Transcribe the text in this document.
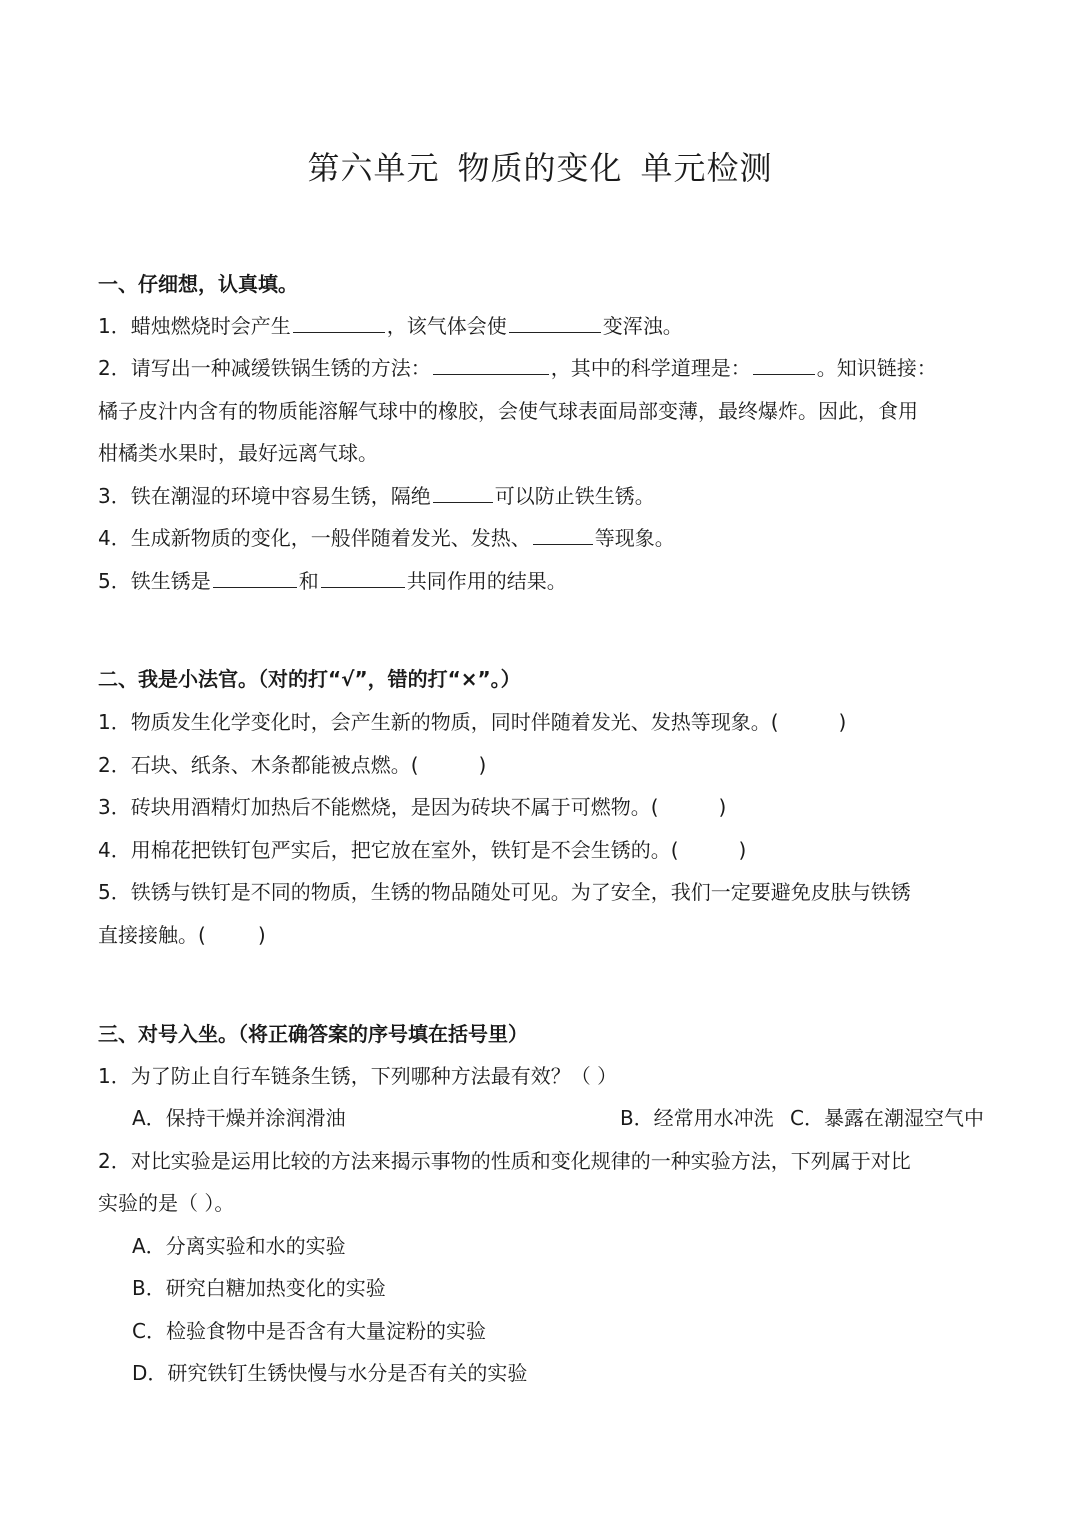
第六单元 物质的变化 单元检测
一、仔细想，认真填。
1．蜡烛燃烧时会产生	，该气体会使	变浑浊。
2．请写出一种减缓铁锅生锈的方法：	，其中的科学道理是：	。知识链接：
橘子皮汁内含有的物质能溶解气球中的橡胶，会使气球表面局部变薄，最终爆炸。因此，食用
柑橘类水果时，最好远离气球。
3．铁在潮湿的环境中容易生锈，隔绝	可以防止铁生锈。
4．生成新物质的变化，一般伴随着发光、发热、	等现象。
5．铁生锈是	和	共同作用的结果。
二、我是小法官。（对的打“√”，错的打“×”。）
1．物质发生化学变化时，会产生新的物质，同时伴随着发光、发热等现象。(	)
2．石块、纸条、木条都能被点燃。(	)
3．砖块用酒精灯加热后不能燃烧，是因为砖块不属于可燃物。(	)
4．用棉花把铁钉包严实后，把它放在室外，铁钉是不会生锈的。(	)
5．铁锈与铁钉是不同的物质，生锈的物品随处可见。为了安全，我们一定要避免皮肤与铁锈
直接接触。(	)
三、对号入坐。（将正确答案的序号填在括号里）
1．为了防止自行车链条生锈，下列哪种方法最有效？（ ）
A．保持干燥并涂润滑油	B．经常用水冲洗 C．暴露在潮湿空气中
2．对比实验是运用比较的方法来揭示事物的性质和变化规律的一种实验方法，下列属于对比
实验的是（ ）。
A．分离实验和水的实验
B．研究白糖加热变化的实验
C．检验食物中是否含有大量淀粉的实验
D．研究铁钉生锈快慢与水分是否有关的实验
